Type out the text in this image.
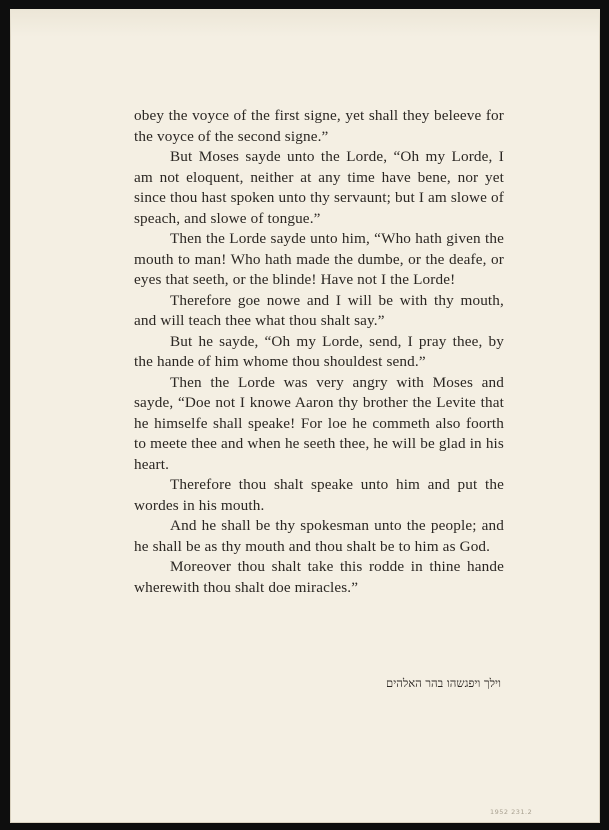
obey the voyce of the first signe, yet shall they beleeve for the voyce of the second signe.”

But Moses sayde unto the Lorde, “Oh my Lorde, I am not eloquent, neither at any time have bene, nor yet since thou hast spoken unto thy servaunt; but I am slowe of speach, and slowe of tongue.”

Then the Lorde sayde unto him, “Who hath given the mouth to man! Who hath made the dumbe, or the deafe, or eyes that seeth, or the blinde! Have not I the Lorde!

Therefore goe nowe and I will be with thy mouth, and will teach thee what thou shalt say.”

But he sayde, “Oh my Lorde, send, I pray thee, by the hande of him whome thou shouldest send.”

Then the Lorde was very angry with Moses and sayde, “Doe not I knowe Aaron thy brother the Levite that he himselfe shall speake! For loe he commeth also foorth to meete thee and when he seeth thee, he will be glad in his heart.

Therefore thou shalt speake unto him and put the wordes in his mouth.

And he shall be thy spokesman unto the people; and he shall be as thy mouth and thou shalt be to him as God.

Moreover thou shalt take this rodde in thine hande wherewith thou shalt doe miracles.”

וילך ויפגשהו בהר האלהים
1952 231.2
